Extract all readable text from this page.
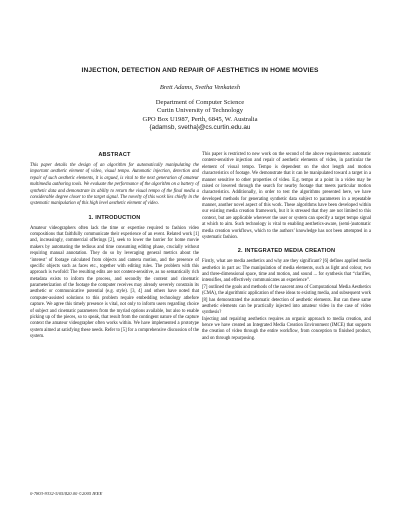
INJECTION, DETECTION AND REPAIR OF AESTHETICS IN HOME MOVIES
Brett Adams, Svetha Venkatesh
Department of Computer Science
Curtin University of Technology
GPO Box U1987, Perth, 6845, W. Australia
{adamsb, svetha}@cs.curtin.edu.au
ABSTRACT

This paper details the design of an algorithm for automatically manipulating the important aesthetic element of video, visual tempo. Automatic injection, detection and repair of such aesthetic elements, it is argued, is vital to the next generation of amateur multimedia authoring tools. We evaluate the performance of the algorithm on a battery of synthetic data and demonstrate its ability to return the visual tempo of the final media a considerable degree closer to the target signal. The novelty of this work lies chiefly in the systematic manipulation of this high level aesthetic element of video.

1. INTRODUCTION

Amateur videographers often lack the time or expertise required to fashion video compositions that faithfully communicate their experience of an event. Related work [1] and, increasingly, commercial offerings [2], seek to lower the barrier for home movie makers by automating the tedious and time consuming editing phase, crucially without requiring manual annotation. They do so by leveraging general metrics about the ‘interest’ of footage calculated from objects and camera motion, and the presence of specific objects such as faces etc., together with editing rules. The problem with this approach is twofold: The resulting edits are not content-sensitive, as no semantically rich metadata exists to inform the process, and secondly the content and cinematic parameterization of the footage the computer receives may already severely constrain its aesthetic or communicative potential (e.g. style). [3, 4] and others have noted that computer-assisted solutions to this problem require embedding technology atbefore capture. We agree this timely presence is vital, not only to inform users regarding choice of subject and cinematic parameters from the myriad options available, but also to enable picking up of the pieces, so to speak, that result from the contingent nature of the capture context the amateur videographer often works within. We have implemented a prototype system aimed at satisfying these needs. Refer to [5] for a comprehensive discussion of the system.

This paper is restricted to new work on the second of the above requirements: automatic content-sensitive injection and repair of aesthetic elements of video, in particular the element of visual tempo. Tempo is dependent on the shot length and motion characteristics of footage. We demonstrate that it can be manipulated toward a target in a manner sensitive to other properties of video. E.g. tempo at a point in a video may be raised or lowered through the search for nearby footage that meets particular motion characteristics. Additionally, in order to test the algorithms presented here, we have developed methods for generating synthetic data subject to parameters in a repeatable manner, another novel aspect of this work. These algorithms have been developed within our existing media creation framework, but it is stressed that they are not limited to this context, but are applicable wherever the user or system can specify a target tempo signal at which to aim. Such technology is vital to enabling aesthetics-aware, (semi-)automatic media creation workflows, which to the authors’ knowledge has not been attempted in a systematic fashion.

2. INTEGRATED MEDIA CREATION

Firstly, what are media aesthetics and why are they significant? [6] defines applied media aesthetics in part as: The manipulation of media elements, such as light and colour, two and three-dimensional space, time and motion, and sound ... for synthesis that “clarifies, intensifies, and effectively communicates an experience”.

[7] outlined the goals and methods of the nascent area of Computational Media Aesthetics (CMA), the algorithmic application of these ideas to existing media, and subsequent work [8] has demonstrated the automatic detection of aesthetic elements. But can these same aesthetic elements can be practically injected into amateur video in the case of video synthesis?

Injecting and repairing aesthetics requires an organic approach to media creation, and hence we have created an Integrated Media Creation Environment (IMCE) that supports the creation of video through the entire workflow, from conception to finished product, and on through repurposing.

0-7803-9332-5/05/$20.00 ©2005 IEEE
